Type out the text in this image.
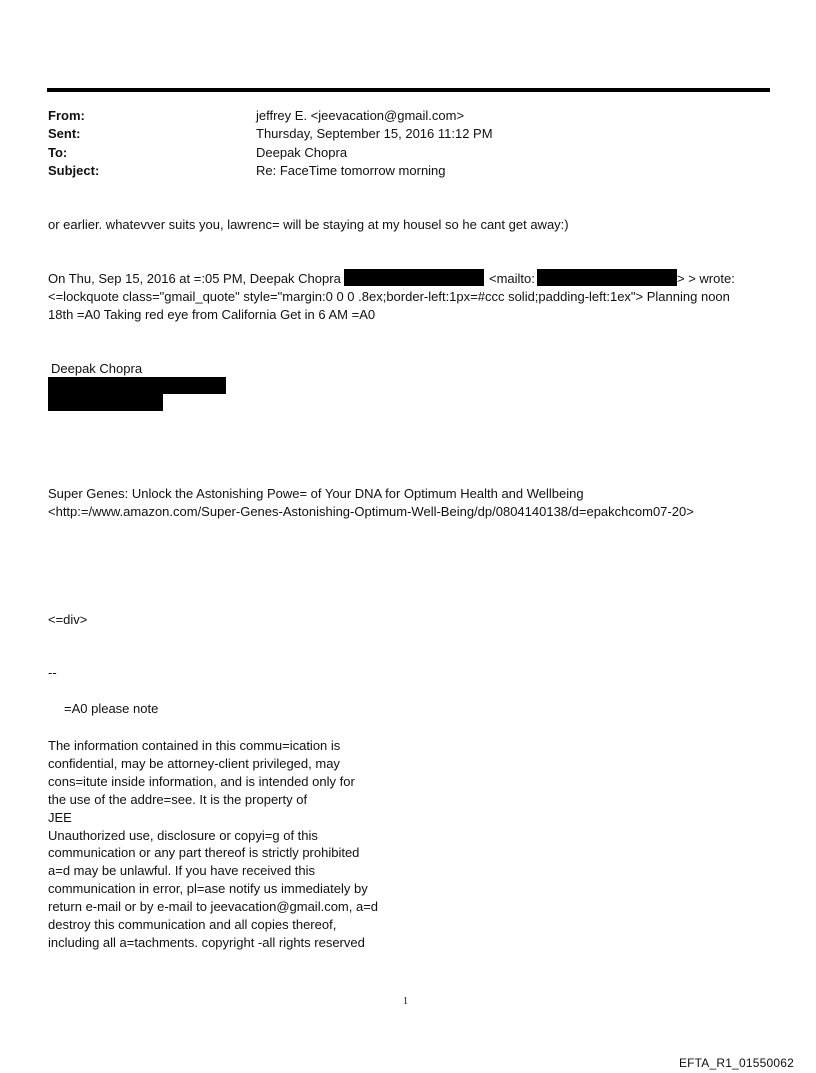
From:	jeffrey E. <jeevacation@gmail.com>
Sent:	Thursday, September 15, 2016 11:12 PM
To:	Deepak Chopra
Subject:	Re: FaceTime tomorrow morning
or earlier. whatevver suits you, lawrenc= will be staying at my housel so he cant get away:)
On Thu, Sep 15, 2016 at =:05 PM, Deepak Chopra	<mailto:	> > wrote:
<=lockquote class="gmail_quote" style="margin:0 0 0 .8ex;border-left:1px=#ccc solid;padding-left:1ex"> Planning noon
18th =A0 Taking red eye from California Get in 6 AM =A0
Deepak Chopra
Super Genes: Unlock the Astonishing Powe= of Your DNA for Optimum Health and Wellbeing
<http:=/www.amazon.com/Super-Genes-Astonishing-Optimum-Well-Being/dp/0804140138/d=epakchcom07-20>
<=div>
--
=A0 please note
The information contained in this commu=ication is
confidential, may be attorney-client privileged, may
cons=itute inside information, and is intended only for
the use of the addre=see. It is the property of
JEE
Unauthorized use, disclosure or copyi=g of this
communication or any part thereof is strictly prohibited
a=d may be unlawful. If you have received this
communication in error, pl=ase notify us immediately by
return e-mail or by e-mail to jeevacation@gmail.com, a=d
destroy this communication and all copies thereof,
including all a=tachments. copyright -all rights reserved
1
EFTA_R1_01550062
